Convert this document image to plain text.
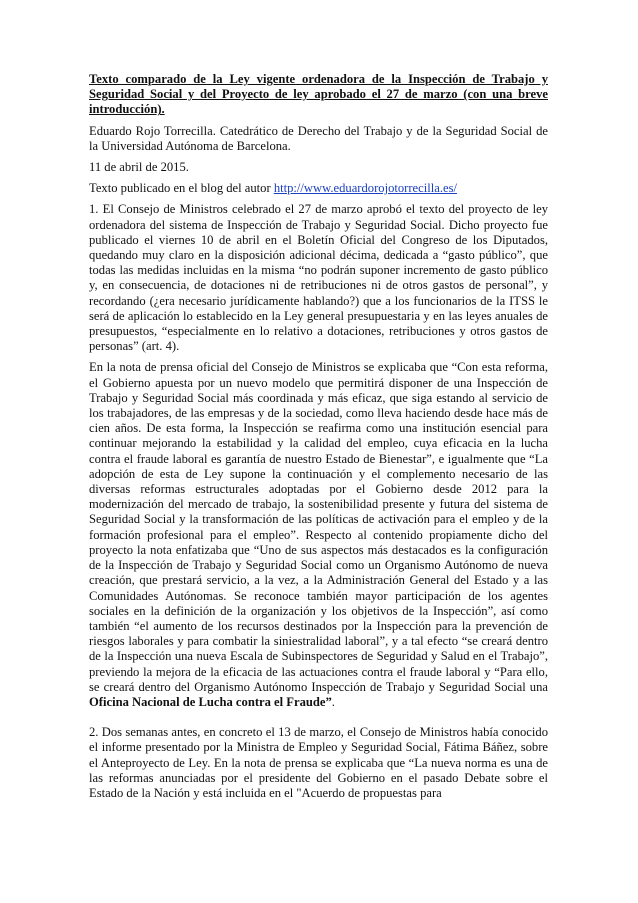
Texto comparado de la Ley vigente ordenadora de la Inspección de Trabajo y Seguridad Social y del Proyecto de ley aprobado el 27 de marzo (con una breve introducción).

Eduardo Rojo Torrecilla. Catedrático de Derecho del Trabajo y de la Seguridad Social de la Universidad Autónoma de Barcelona.

11 de abril de 2015.

Texto publicado en el blog del autor http://www.eduardorojotorrecilla.es/

1. El Consejo de Ministros celebrado el 27 de marzo aprobó el texto del proyecto de ley ordenadora del sistema de Inspección de Trabajo y Seguridad Social. Dicho proyecto fue publicado el viernes 10 de abril en el Boletín Oficial del Congreso de los Diputados, quedando muy claro en la disposición adicional décima, dedicada a “gasto público”, que todas las medidas incluidas en la misma “no podrán suponer incremento de gasto público y, en consecuencia, de dotaciones ni de retribuciones ni de otros gastos de personal”, y recordando (¿era necesario jurídicamente hablando?) que a los funcionarios de la ITSS le será de aplicación lo establecido en la Ley general presupuestaria y en las leyes anuales de presupuestos, “especialmente en lo relativo a dotaciones, retribuciones y otros gastos de personas” (art. 4).

En la nota de prensa oficial del Consejo de Ministros se explicaba que “Con esta reforma, el Gobierno apuesta por un nuevo modelo que permitirá disponer de una Inspección de Trabajo y Seguridad Social más coordinada y más eficaz, que siga estando al servicio de los trabajadores, de las empresas y de la sociedad, como lleva haciendo desde hace más de cien años. De esta forma, la Inspección se reafirma como una institución esencial para continuar mejorando la estabilidad y la calidad del empleo, cuya eficacia en la lucha contra el fraude laboral es garantía de nuestro Estado de Bienestar”, e igualmente que “La adopción de esta de Ley supone la continuación y el complemento necesario de las diversas reformas estructurales adoptadas por el Gobierno desde 2012 para la modernización del mercado de trabajo, la sostenibilidad presente y futura del sistema de Seguridad Social y la transformación de las políticas de activación para el empleo y de la formación profesional para el empleo”. Respecto al contenido propiamente dicho del proyecto la nota enfatizaba que “Uno de sus aspectos más destacados es la configuración de la Inspección de Trabajo y Seguridad Social como un Organismo Autónomo de nueva creación, que prestará servicio, a la vez, a la Administración General del Estado y a las Comunidades Autónomas. Se reconoce también mayor participación de los agentes sociales en la definición de la organización y los objetivos de la Inspección”, así como también “el aumento de los recursos destinados por la Inspección para la prevención de riesgos laborales y para combatir la siniestralidad laboral”, y a tal efecto “se creará dentro de la Inspección una nueva Escala de Subinspectores de Seguridad y Salud en el Trabajo”, previendo la mejora de la eficacia de las actuaciones contra el fraude laboral y “Para ello, se creará dentro del Organismo Autónomo Inspección de Trabajo y Seguridad Social una Oficina Nacional de Lucha contra el Fraude”.

2. Dos semanas antes, en concreto el 13 de marzo, el Consejo de Ministros había conocido el informe presentado por la Ministra de Empleo y Seguridad Social, Fátima Báñez, sobre el Anteproyecto de Ley. En la nota de prensa se explicaba que “La nueva norma es una de las reformas anunciadas por el presidente del Gobierno en el pasado Debate sobre el Estado de la Nación y está incluida en el "Acuerdo de propuestas para
